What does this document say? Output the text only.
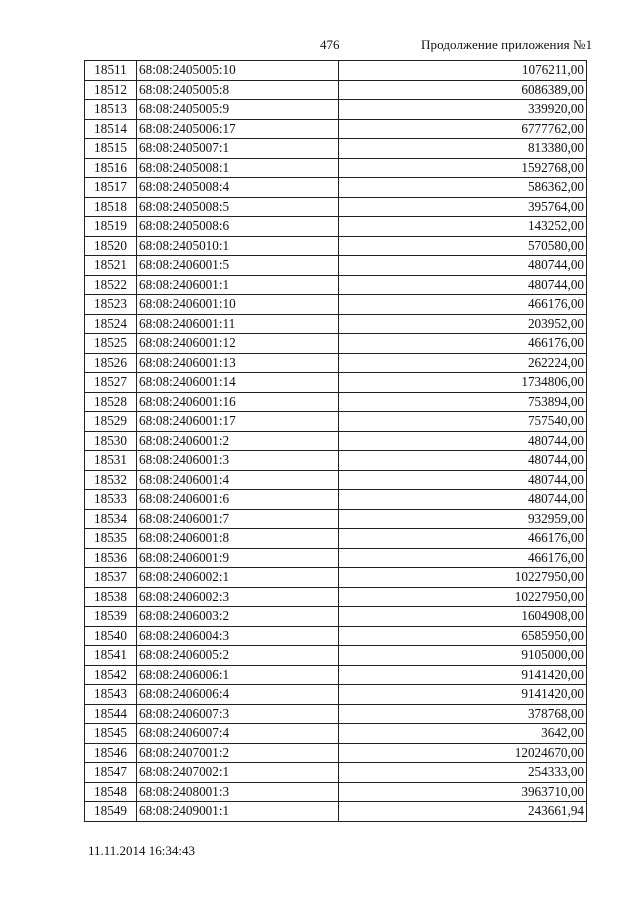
476	Продолжение приложения №1
18511	68:08:2405005:10	1076211,00
18512	68:08:2405005:8	6086389,00
18513	68:08:2405005:9	339920,00
18514	68:08:2405006:17	6777762,00
18515	68:08:2405007:1	813380,00
18516	68:08:2405008:1	1592768,00
18517	68:08:2405008:4	586362,00
18518	68:08:2405008:5	395764,00
18519	68:08:2405008:6	143252,00
18520	68:08:2405010:1	570580,00
18521	68:08:2406001:5	480744,00
18522	68:08:2406001:1	480744,00
18523	68:08:2406001:10	466176,00
18524	68:08:2406001:11	203952,00
18525	68:08:2406001:12	466176,00
18526	68:08:2406001:13	262224,00
18527	68:08:2406001:14	1734806,00
18528	68:08:2406001:16	753894,00
18529	68:08:2406001:17	757540,00
18530	68:08:2406001:2	480744,00
18531	68:08:2406001:3	480744,00
18532	68:08:2406001:4	480744,00
18533	68:08:2406001:6	480744,00
18534	68:08:2406001:7	932959,00
18535	68:08:2406001:8	466176,00
18536	68:08:2406001:9	466176,00
18537	68:08:2406002:1	10227950,00
18538	68:08:2406002:3	10227950,00
18539	68:08:2406003:2	1604908,00
18540	68:08:2406004:3	6585950,00
18541	68:08:2406005:2	9105000,00
18542	68:08:2406006:1	9141420,00
18543	68:08:2406006:4	9141420,00
18544	68:08:2406007:3	378768,00
18545	68:08:2406007:4	3642,00
18546	68:08:2407001:2	12024670,00
18547	68:08:2407002:1	254333,00
18548	68:08:2408001:3	3963710,00
18549	68:08:2409001:1	243661,94
11.11.2014 16:34:43
